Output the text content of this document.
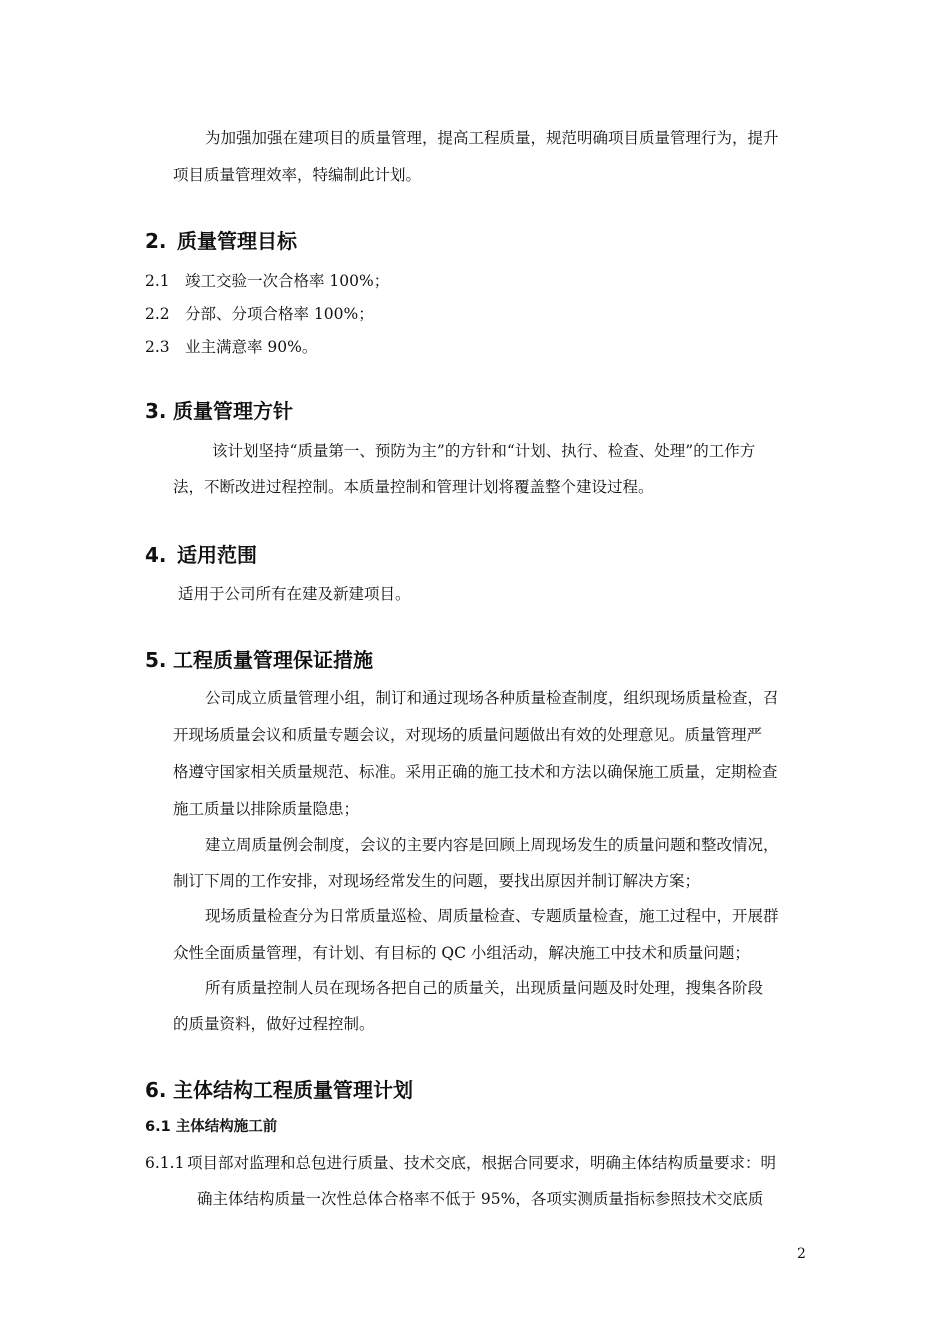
为加强加强在建项目的质量管理，提高工程质量，规范明确项目质量管理行为，提升
项目质量管理效率，特编制此计划。
2. 质量管理目标
2.1 竣工交验一次合格率 100%；
2.2 分部、分项合格率 100%；
2.3 业主满意率 90%。
3. 质量管理方针
该计划坚持“质量第一、预防为主”的方针和“计划、执行、检查、处理”的工作方
法，不断改进过程控制。本质量控制和管理计划将覆盖整个建设过程。
4. 适用范围
适用于公司所有在建及新建项目。
5. 工程质量管理保证措施
公司成立质量管理小组，制订和通过现场各种质量检查制度，组织现场质量检查，召
开现场质量会议和质量专题会议，对现场的质量问题做出有效的处理意见。质量管理严
格遵守国家相关质量规范、标准。采用正确的施工技术和方法以确保施工质量，定期检查
施工质量以排除质量隐患；
建立周质量例会制度，会议的主要内容是回顾上周现场发生的质量问题和整改情况，
制订下周的工作安排，对现场经常发生的问题，要找出原因并制订解决方案；
现场质量检查分为日常质量巡检、周质量检查、专题质量检查，施工过程中，开展群
众性全面质量管理，有计划、有目标的 QC 小组活动，解决施工中技术和质量问题；
所有质量控制人员在现场各把自己的质量关，出现质量问题及时处理，搜集各阶段
的质量资料，做好过程控制。
6. 主体结构工程质量管理计划
6.1 主体结构施工前
6.1.1 项目部对监理和总包进行质量、技术交底，根据合同要求，明确主体结构质量要求：明
确主体结构质量一次性总体合格率不低于 95%，各项实测质量指标参照技术交底质
2
